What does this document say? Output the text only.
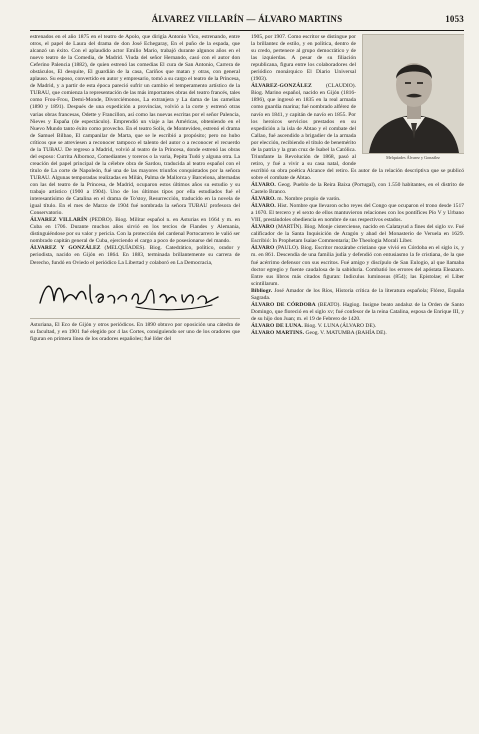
ÁLVAREZ VILLARÍN — ÁLVARO MARTINS	1053

estrenados en el año 1875 en el teatro de Apolo, que dirigía Antonio Vico, estrenando, entre otros, el papel de Laura del drama de don José Echegaray, En el puño de la espada, que alcanzó un éxito. Con el aplaudido actor Emilio Mario, trabajó durante algunos años en el nuevo teatro de la Comedia, de Madrid. Viuda del señor Hernando, casó con el autor don Ceferino Palencia (1882), de quien estrenó las comedias El cura de San Antonio, Carrera de obstáculos, El desquite, El guardián de la casa, Cariños que matan y otras, con general aplauso. Su esposo, convertido en autor y empresario, tomó a su cargo el teatro de la Princesa, de Madrid, y a partir de esta época pareció sufrir un cambio el temperamento artístico de la TUBAU, que comienza la representación de las más importantes obras del teatro francés, tales como Frou-Frou, Demi-Monde, Divorciémonos, La extranjera y La dama de las camelias (1890 y 1891). Después de una expedición a provincias, volvió a la corte y estrenó otras varias obras francesas, Odette y Francillon, así como las nuevas escritas por el señor Palencia, Nieves y España (de espectáculo). Emprendió un viaje a las Américas, obteniendo en el Nuevo Mundo tanto éxito como provecho. En el teatro Solís, de Montevideo, estrenó el drama de Samuel Bilbao, El campanilar de Marta, que se le escribió a propósito; pero no hubo críticos que se atreviesen a reconocer tampoco el talento del autor o a reconocer el recuerdo de la TUBAU. De regreso a Madrid, volvió al teatro de la Princesa, donde estrenó las obras del esposo: Currita Albornoz, Comediantes y toreros o la varia, Pepita Tudó y alguna otra. La creación del papel principal de la célebre obra de Sardou, traducida al teatro español con el título de La corte de Napoleón, fué una de las mayores triunfos conquistados por la señora TUBAU. Algunas temporadas realizadas en Milán, Palma de Mallorca y Barcelona, alternadas con las del teatro de la Princesa, de Madrid, ocuparon estos últimos años su estudio y su trabajo artístico (1900 a 1904). Uno de los últimos tipos por ella estudiados fué el interesantísimo de Catalina en el drama de To'stoy, Resurrección, traducido en la novela de igual título. En el mes de Marzo de 1904 fué nombrada la señora TUBAU profesora del Conservatorio.

ÁLVAREZ VILLARÍN (PEDRO). Biog. Militar español n. en Asturias en 1664 y m. en Cuba en 1706. Durante muchos años sirvió en los tercios de Flandes y Alemania, distinguiéndose por su valor y pericia. Con la protección del cardenal Portocarrero le valió ser nombrado capitán general de Cuba, ejerciendo el cargo a poco de posesionarse del mando.

ÁLVAREZ Y GONZÁLEZ (MELQUÍADES). Biog. Catedrático, político, orador y periodista, nacido en Gijón en 1864. En 1883, terminada brillantemente su carrera de Derecho, fundó en Oviedo el periódico La Libertad y colaboró en La Democracia,

Asturiana, El Eco de Gijón y otros periódicos. En 1890 obtuvo por oposición una cátedra de su facultad, y en 1901 fué elegido por 4 las Cortes, consiguiendo ser uno de los oradores que figuran en primera línea de los oradores españoles; fué líder del

Melquíades Álvarez y González

1905, por 1907. Como escritor se distingue por la brillantez de estilo, y en política, dentro de su credo, pertenece al grupo democrático y de las izquierdas. A pesar de su filiación republicana, figura entre los colaboradores del periódico monárquico El Diario Universal (1903).

ÁLVAREZ-GONZÁLEZ (CLAUDIO). Biog. Marino español, nacido en Gijón (1816-1896), que ingresó en 1835 en la real armada como guardia marina; fué nombrado alférez de navío en 1841, y capitán de navío en 1855. Por los heroicos servicios prestados en su expedición a la isla de Abtao y el combate del Callao, fué ascendido a brigadier de la armada por elección, recibiendo el título de benemérito de la patria y la gran cruz de Isabel la Católica. Triunfante la Revolución de 1868, pasó al retiro, y fué a vivir a su casa natal, donde escribió su obra poética Alcance del retiro. Es autor de la relación descriptiva que se publicó sobre el combate de Abtao.

ÁLVARO. Geog. Pueblo de la Reira Baixa (Portugal), con 1.550 habitantes, en el distrito de Castelo Branco.

ÁLVARO. m. Nombre propio de varón.

ÁLVARO. Hist. Nombre que llevaron ocho reyes del Congo que ocuparon el trono desde 1517 a 1670. El tercero y el sexto de ellos mantuvieron relaciones con los pontífices Pío V y Urbano VIII, prestándoles obediencia en nombre de sus respectivos estados.

ÁLVARO (MARTÍN). Biog. Monje cisterciense, nacido en Calatayud a fines del siglo xv. Fué calificador de la Santa Inquisición de Aragón y abad del Monasterio de Veruela en 1629. Escribió: In Prophetam Isaiae Commentaria; De Theologia Morali Liber.

ÁLVARO (PAULO). Biog. Escritor mozárabe cristiano que vivió en Córdoba en el siglo ix, y m. en 861. Descendía de una familia judía y defendió con entusiasmo la fe cristiana, de la que fué acérrimo defensor con sus escritos. Fué amigo y discípulo de San Eulogio, al que llamaba doctor egregio y fuente caudalosa de la sabiduría. Combatió los errores del apóstata Eleazaro. Entre sus libros más citados figuran: Indiculus luminosus (854); las Epistolae; el Liber scintillarum.

Bibliogr. José Amador de los Ríos, Historia crítica de la literatura española; Flórez, España Sagrada.

ÁLVARO DE CÓRDOBA (BEATO). Hagiog. Insigne beato andaluz de la Orden de Santo Domingo, que floreció en el siglo xv; fué confesor de la reina Catalina, esposa de Enrique III, y de su hijo don Juan; m. el 19 de Febrero de 1420.

ÁLVARO DE LUNA. Biog. V. LUNA (ÁLVARO DE).

ÁLVARO MARTINS. Geog. V. MATUMBA (BAHÍA DE).
